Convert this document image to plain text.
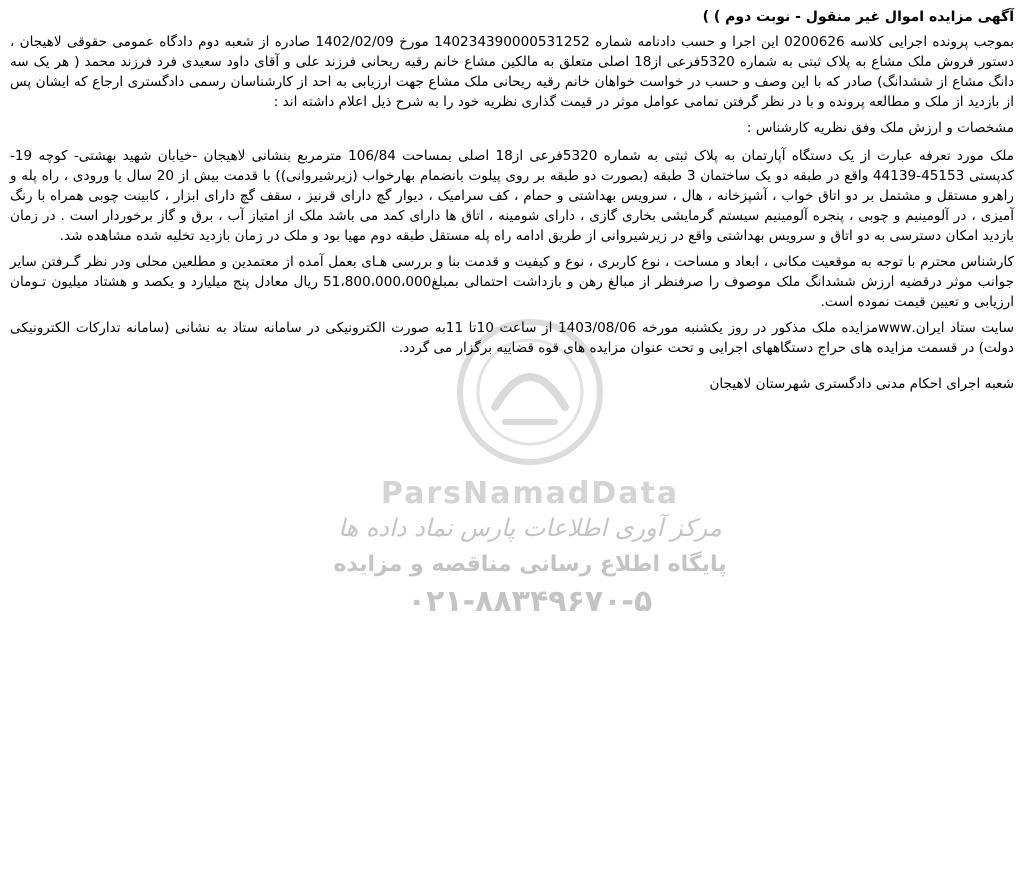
ParsNamadData
مرکز آوری اطلاعات پارس نماد داده ها
پایگاه اطلاع رسانی مناقصه و مزایده
۰۲۱-۸۸۳۴۹۶۷۰-۵
آگهی مزایده اموال غیر منقول - نوبت دوم ) )

بموجب پرونده اجرایی کلاسه 0200626 این اجرا و حسب دادنامه شماره 140234390000531252 مورخ 1402/02/09 صادره از شعبه دوم دادگاه عمومی حقوقی لاهیجان ، دستور فروش ملک مشاع به پلاک ثبتی به شماره 5320فرعی از18 اصلی متعلق به مالکین مشاع خانم رقیه ریحانی فرزند علی و آقای داود سعیدی فرد فرزند محمد ( هر یک سه دانگ مشاع از ششدانگ) صادر که با این وصف و حسب در خواست خواهان خانم رقیه ریحانی ملک مشاع جهت ارزیابی به احد از کارشناسان رسمی دادگستری ارجاع که ایشان پس از بازدید از ملک و مطالعه پرونده و با در نظر گرفتن تمامی عوامل موثر در قیمت گذاری نظریه خود را به شرح ذیل اعلام داشته اند :

مشخصات و ارزش ملک وفق نظریه کارشناس :

ملک مورد تعرفه عبارت از یک دستگاه آپارتمان به پلاک ثبتی به شماره 5320فرعی از18 اصلی بمساحت 106/84 مترمربع بنشانی لاهیجان -خیابان شهید بهشتی- کوچه 19- کدپستی 45153-44139 واقع در طبقه دو یک ساختمان 3 طبقه (بصورت دو طبقه بر روی پیلوت بانضمام بهارخواب (زیرشیروانی)) با قدمت بیش از 20 سال با ورودی ، راه پله و راهرو مستقل و مشتمل بر دو اتاق خواب ، آشپزخانه ، هال ، سرویس بهداشتی و حمام ، کف سرامیک ، دیوار گچ دارای قرنیز ، سقف گچ دارای ابزار ، کابینت چوبی همراه با رنگ آمیزی ، در آلومینیم و چوبی ، پنجره آلومینیم سیستم گرمایشی بخاری گازی ، دارای شومینه ، اتاق ها دارای کمد می باشد ملک از امتیاز آب ، برق و گاز برخوردار است . در زمان بازدید امکان دسترسی به دو اتاق و سرویس بهداشتی واقع در زیرشیروانی از طریق ادامه راه پله مستقل طبقه دوم مهیا بود و ملک در زمان بازدید تخلیه شده مشاهده شد.

کارشناس محترم با توجه به موقعیت مکانی ، ابعاد و مساحت ، نوع کاربری ، نوع و کیفیت و قدمت بنا و بررسی هـای بعمل آمده از معتمدین و مطلعین محلی ودر نظر گـرفتن سایر جوانب موثر درقضیه ارزش ششدانگ ملک موصوف را صرفنظر از مبالغ رهن و بازداشت احتمالی بمبلغ51،800،000،000 ریال معادل پنج میلیارد و یکصد و هشتاد میلیون تـومان ارزیابی و تعیین قیمت نموده است.

سایت ستاد ایران.wwwمزایده ملک مذکور در روز یکشنبه مورخه 1403/08/06 از ساعت 10تا 11به صورت الکترونیکی در سامانه ستاد به نشانی (سامانه تدارکات الکترونیکی دولت) در قسمت مزایده های حراج دستگاههای اجرایی و تحت عنوان مزایده های قوه قضاییه برگزار می گردد.

شعبه اجرای احکام مدنی دادگستری شهرستان لاهیجان
